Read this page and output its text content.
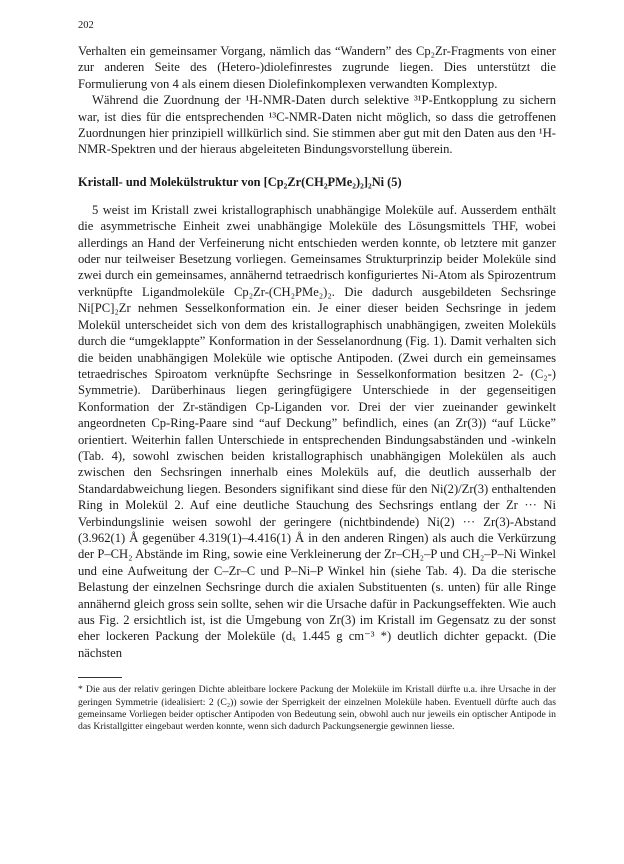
202

Verhalten ein gemeinsamer Vorgang, nämlich das “Wandern” des Cp₂Zr-Fragments von einer zur anderen Seite des (Hetero-)diolefinrestes zugrunde liegen. Dies unterstützt die Formulierung von 4 als einem diesen Diolefinkomplexen verwandten Komplextyp.

Während die Zuordnung der ¹H-NMR-Daten durch selektive ³¹P-Entkopplung zu sichern war, ist dies für die entsprechenden ¹³C-NMR-Daten nicht möglich, so dass die getroffenen Zuordnungen hier prinzipiell willkürlich sind. Sie stimmen aber gut mit den Daten aus den ¹H-NMR-Spektren und der hieraus abgeleiteten Bindungsvorstellung überein.

Kristall- und Molekülstruktur von [Cp₂Zr(CH₂PMe₂)₂]₂Ni (5)

5 weist im Kristall zwei kristallographisch unabhängige Moleküle auf. Ausserdem enthält die asymmetrische Einheit zwei unabhängige Moleküle des Lösungsmittels THF, wobei allerdings an Hand der Verfeinerung nicht entschieden werden konnte, ob letztere mit ganzer oder nur teilweiser Besetzung vorliegen. Gemeinsames Strukturprinzip beider Moleküle sind zwei durch ein gemeinsames, annähernd tetraedrisch konfiguriertes Ni-Atom als Spirozentrum verknüpfte Ligandmoleküle Cp₂Zr-(CH₂PMe₂)₂. Die dadurch ausgebildeten Sechsringe Ni[PC]₂Zr nehmen Sesselkonformation ein. Je einer dieser beiden Sechsringe in jedem Molekül unterscheidet sich von dem des kristallographisch unabhängigen, zweiten Moleküls durch die “umgeklappte” Konformation in der Sesselanordnung (Fig. 1). Damit verhalten sich die beiden unabhängigen Moleküle wie optische Antipoden. (Zwei durch ein gemeinsames tetraedrisches Spiroatom verknüpfte Sechsringe in Sesselkonformation besitzen 2- (C₂-) Symmetrie). Darüberhinaus liegen geringfügigere Unterschiede in der gegenseitigen Konformation der Zr-ständigen Cp-Liganden vor. Drei der vier zueinander gewinkelt angeordneten Cp-Ring-Paare sind “auf Deckung” befindlich, eines (an Zr(3)) “auf Lücke” orientiert. Weiterhin fallen Unterschiede in entsprechenden Bindungsabständen und -winkeln (Tab. 4), sowohl zwischen beiden kristallographisch unabhängigen Molekülen als auch zwischen den Sechsringen innerhalb eines Moleküls auf, die deutlich ausserhalb der Standardabweichung liegen. Besonders signifikant sind diese für den Ni(2)/Zr(3) enthaltenden Ring in Molekül 2. Auf eine deutliche Stauchung des Sechsrings entlang der Zr ··· Ni Verbindungslinie weisen sowohl der geringere (nichtbindende) Ni(2) ··· Zr(3)-Abstand (3.962(1) Å gegenüber 4.319(1)–4.416(1) Å in den anderen Ringen) als auch die Verkürzung der P–CH₂ Abstände im Ring, sowie eine Verkleinerung der Zr–CH₂–P und CH₂–P–Ni Winkel und eine Aufweitung der C–Zr–C und P–Ni–P Winkel hin (siehe Tab. 4). Da die sterische Belastung der einzelnen Sechsringe durch die axialen Substituenten (s. unten) für alle Ringe annähernd gleich gross sein sollte, sehen wir die Ursache dafür in Packungseffekten. Wie auch aus Fig. 2 ersichtlich ist, ist die Umgebung von Zr(3) im Kristall im Gegensatz zu der sonst eher lockeren Packung der Moleküle (dₓ 1.445 g cm⁻³ *) deutlich dichter gepackt. (Die nächsten

* Die aus der relativ geringen Dichte ableitbare lockere Packung der Moleküle im Kristall dürfte u.a. ihre Ursache in der geringen Symmetrie (idealisiert: 2 (C₂)) sowie der Sperrigkeit der einzelnen Moleküle haben. Eventuell dürfte auch das gemeinsame Vorliegen beider optischer Antipoden von Bedeutung sein, obwohl auch nur jeweils ein optischer Antipode in das Kristallgitter eingebaut werden konnte, wenn sich dadurch Packungsenergie gewinnen liesse.
